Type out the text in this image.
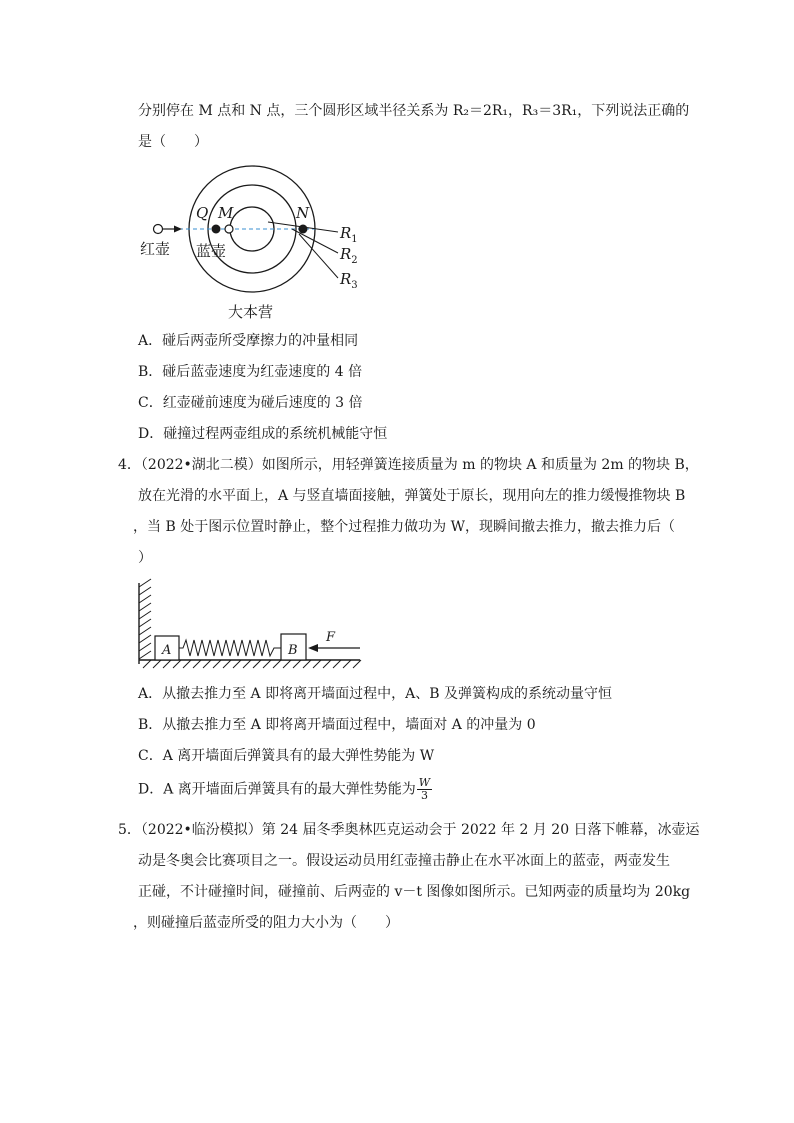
分别停在 M 点和 N 点，三个圆形区域半径关系为 R₂＝2R₁，R₃＝3R₁，下列说法正确的
是（　　）
Q M	N
红壶 蓝壶
大本营
$R_1$
$R_2$
$R_3$
A．碰后两壶所受摩擦力的冲量相同
B．碰后蓝壶速度为红壶速度的 4 倍
C．红壶碰前速度为碰后速度的 3 倍
D．碰撞过程两壶组成的系统机械能守恒
4．（2022•湖北二模）如图所示，用轻弹簧连接质量为 m 的物块 A 和质量为 2m 的物块 B，
放在光滑的水平面上，A 与竖直墙面接触，弹簧处于原长，现用向左的推力缓慢推物块 B
，当 B 处于图示位置时静止，整个过程推力做功为 W，现瞬间撤去推力，撤去推力后（
）
A	B
F
A．从撤去推力至 A 即将离开墙面过程中，A、B 及弹簧构成的系统动量守恒
B．从撤去推力至 A 即将离开墙面过程中，墙面对 A 的冲量为 0
C．A 离开墙面后弹簧具有的最大弹性势能为 W
D．A 离开墙面后弹簧具有的最大弹性势能为 $\frac{W}{3}$
5．（2022•临汾模拟）第 24 届冬季奥林匹克运动会于 2022 年 2 月 20 日落下帷幕，冰壶运
动是冬奥会比赛项目之一。假设运动员用红壶撞击静止在水平冰面上的蓝壶，两壶发生
正碰，不计碰撞时间，碰撞前、后两壶的 v－t 图像如图所示。已知两壶的质量均为 20kg
，则碰撞后蓝壶所受的阻力大小为（　　）
